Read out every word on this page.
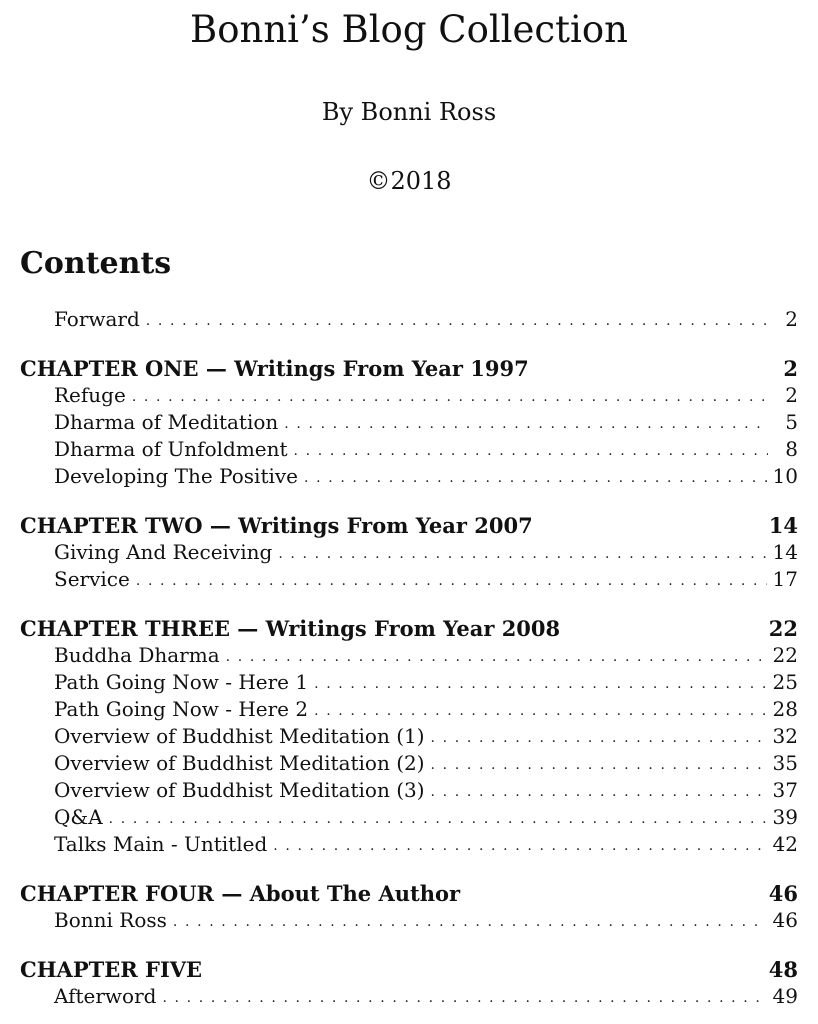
Bonni’s Blog Collection
By Bonni Ross
©2018
Contents
Forward . . .	2
CHAPTER ONE — Writings From Year 1997	2
Refuge . . .	2
Dharma of Meditation . . .	5
Dharma of Unfoldment . . .	8
Developing The Positive . . .	10
CHAPTER TWO — Writings From Year 2007	14
Giving And Receiving . . .	14
Service . . .	17
CHAPTER THREE — Writings From Year 2008	22
Buddha Dharma . . .	22
Path Going Now - Here 1 . . .	25
Path Going Now - Here 2 . . .	28
Overview of Buddhist Meditation (1) . . .	32
Overview of Buddhist Meditation (2) . . .	35
Overview of Buddhist Meditation (3) . . .	37
Q&A . . .	39
Talks Main - Untitled . . .	42
CHAPTER FOUR — About The Author	46
Bonni Ross . . .	46
CHAPTER FIVE	48
Afterword . . .	49
